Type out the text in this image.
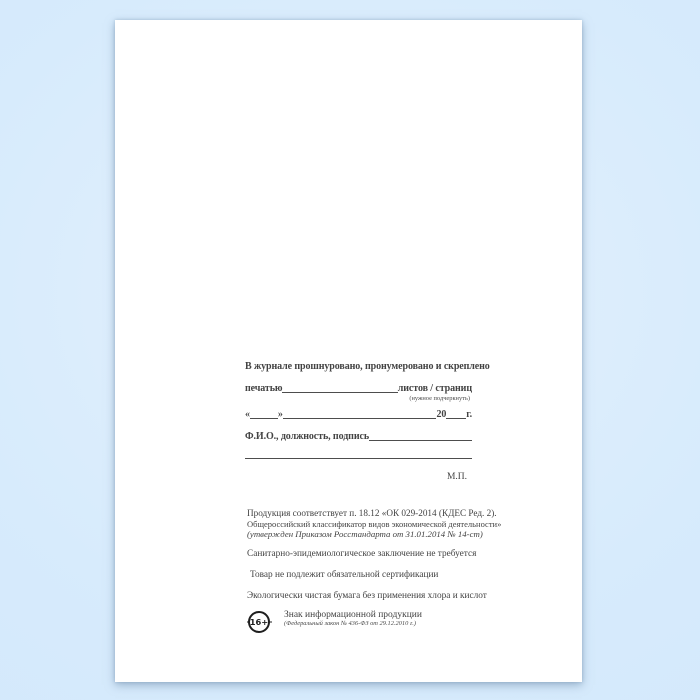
В журнале прошнуровано, пронумеровано и скреплено
печатью	листов / страниц
(нужное подчеркнуть)
«	»	20 г.
Ф.И.О., должность, подпись
М.П.
Продукция соответствует п. 18.12 «ОК 029-2014 (КДЕС Ред. 2).
Общероссийский классификатор видов экономической деятельности»
(утвержден Приказом Росстандарта от 31.01.2014 № 14-ст)
Санитарно-эпидемиологическое заключение не требуется
Товар не подлежит обязательной сертификации
Экологически чистая бумага без применения хлора и кислот
16+
Знак информационной продукции
(Федеральный закон № 436-ФЗ от 29.12.2010 г.)
